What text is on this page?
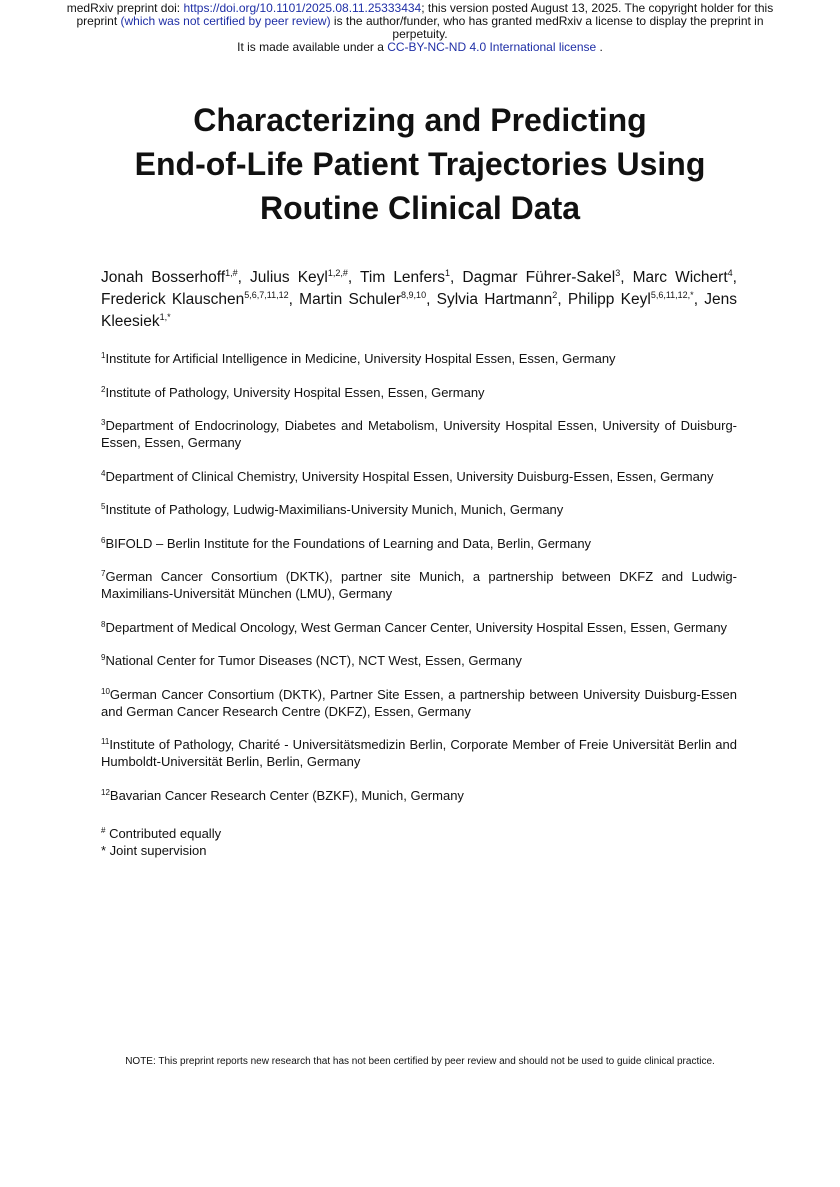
medRxiv preprint doi: https://doi.org/10.1101/2025.08.11.25333434; this version posted August 13, 2025. The copyright holder for this
preprint (which was not certified by peer review) is the author/funder, who has granted medRxiv a license to display the preprint in
perpetuity.
It is made available under a CC-BY-NC-ND 4.0 International license .
Characterizing and Predicting
End-of-Life Patient Trajectories Using
Routine Clinical Data
Jonah Bosserhoff$^{1,\#}$, Julius Keyl$^{1,2,\#}$, Tim Lenfers$^1$, Dagmar Führer-Sakel$^3$, Marc Wichert$^4$, Frederick Klauschen$^{5,6,7,11,12}$, Martin Schuler$^{8,9,10}$, Sylvia Hartmann$^2$, Philipp Keyl$^{5,6,11,12,*}$, Jens Kleesiek$^{1,*}$

$^1$Institute for Artificial Intelligence in Medicine, University Hospital Essen, Essen, Germany

$^2$Institute of Pathology, University Hospital Essen, Essen, Germany

$^3$Department of Endocrinology, Diabetes and Metabolism, University Hospital Essen, University of Duisburg-Essen, Essen, Germany

$^4$Department of Clinical Chemistry, University Hospital Essen, University Duisburg-Essen, Essen, Germany

$^5$Institute of Pathology, Ludwig-Maximilians-University Munich, Munich, Germany

$^6$BIFOLD – Berlin Institute for the Foundations of Learning and Data, Berlin, Germany

$^7$German Cancer Consortium (DKTK), partner site Munich, a partnership between DKFZ and Ludwig-Maximilians-Universität München (LMU), Germany

$^8$Department of Medical Oncology, West German Cancer Center, University Hospital Essen, Essen, Germany

$^9$National Center for Tumor Diseases (NCT), NCT West, Essen, Germany

$^{10}$German Cancer Consortium (DKTK), Partner Site Essen, a partnership between University Duisburg-Essen and German Cancer Research Centre (DKFZ), Essen, Germany

$^{11}$Institute of Pathology, Charité - Universitätsmedizin Berlin, Corporate Member of Freie Universität Berlin and Humboldt-Universität Berlin, Berlin, Germany

$^{12}$Bavarian Cancer Research Center (BZKF), Munich, Germany

# Contributed equally
* Joint supervision
NOTE: This preprint reports new research that has not been certified by peer review and should not be used to guide clinical practice.
